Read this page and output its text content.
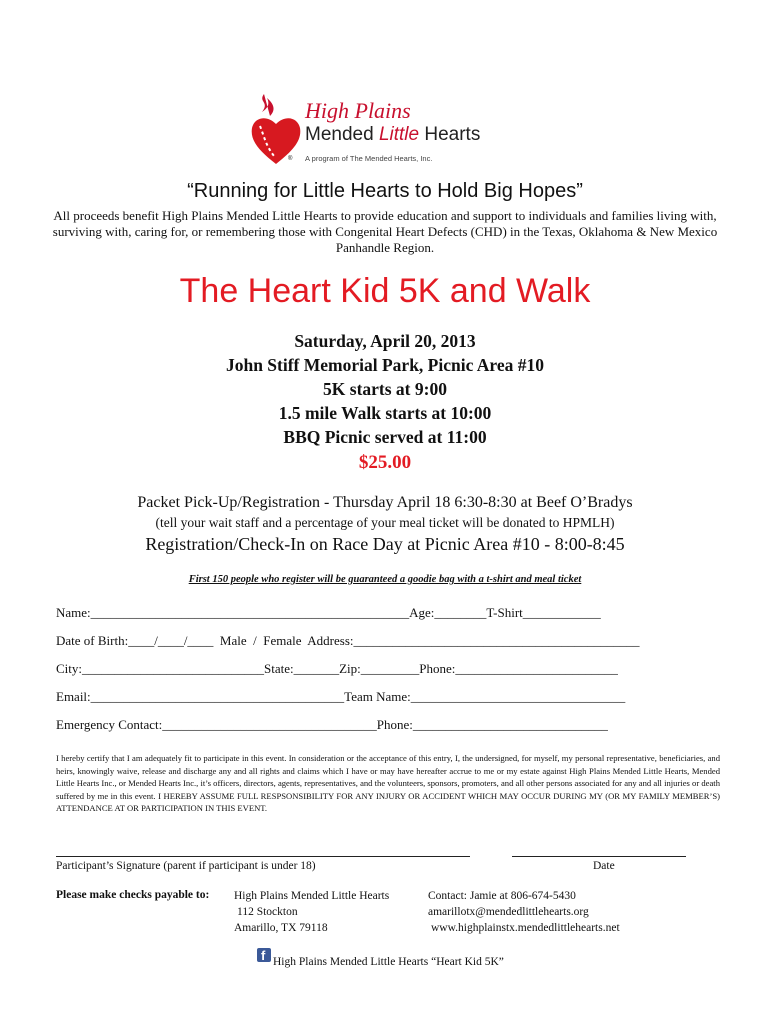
High Plains
Mended Little Hearts
® A program of The Mended Hearts, Inc.
“Running for Little Hearts to Hold Big Hopes”
All proceeds benefit High Plains Mended Little Hearts to provide education and support to individuals and families living with, surviving with, caring for, or remembering those with Congenital Heart Defects (CHD) in the Texas, Oklahoma & New Mexico Panhandle Region.
The Heart Kid 5K and Walk
Saturday, April 20, 2013
John Stiff Memorial Park, Picnic Area #10
5K starts at 9:00
1.5 mile Walk starts at 10:00
BBQ Picnic served at 11:00
$25.00
Packet Pick-Up/Registration - Thursday April 18 6:30-8:30 at Beef O’Bradys
(tell your wait staff and a percentage of your meal ticket will be donated to HPMLH)
Registration/Check-In on Race Day at Picnic Area #10 - 8:00-8:45
First 150 people who register will be guaranteed a goodie bag with a t-shirt and meal ticket
Name:_________________________________________________Age:________T-Shirt____________
Date of Birth:____/____/____  Male  /  Female  Address:____________________________________________
City:____________________________State:_______Zip:_________Phone:_________________________
Email:_______________________________________Team Name:_________________________________
Emergency Contact:_________________________________Phone:______________________________
I hereby certify that I am adequately fit to participate in this event. In consideration or the acceptance of this entry, I, the undersigned, for myself, my personal representative, beneficiaries, and heirs, knowingly waive, release and discharge any and all rights and claims which I have or may have hereafter accrue to me or my estate against High Plains Mended Little Hearts, Mended Little Hearts Inc., or Mended Hearts Inc., it’s officers, directors, agents, representatives, and the volunteers, sponsors, promoters, and all other persons associated for any and all injuries or death suffered by me in this event. I HEREBY ASSUME FULL RESPSONSIBILITY FOR ANY INJURY OR ACCIDENT WHICH MAY OCCUR DURING MY (OR MY FAMILY MEMBER’S) ATTENDANCE AT OR PARTICIPATION IN THIS EVENT.
Participant’s Signature (parent if participant is under 18)	Date
Please make checks payable to: High Plains Mended Little Hearts
112 Stockton
Amarillo, TX 79118
Contact: Jamie at 806-674-5430
amarillotx@mendedlittlehearts.org
www.highplainstx.mendedlittlehearts.net
f High Plains Mended Little Hearts “Heart Kid 5K”
